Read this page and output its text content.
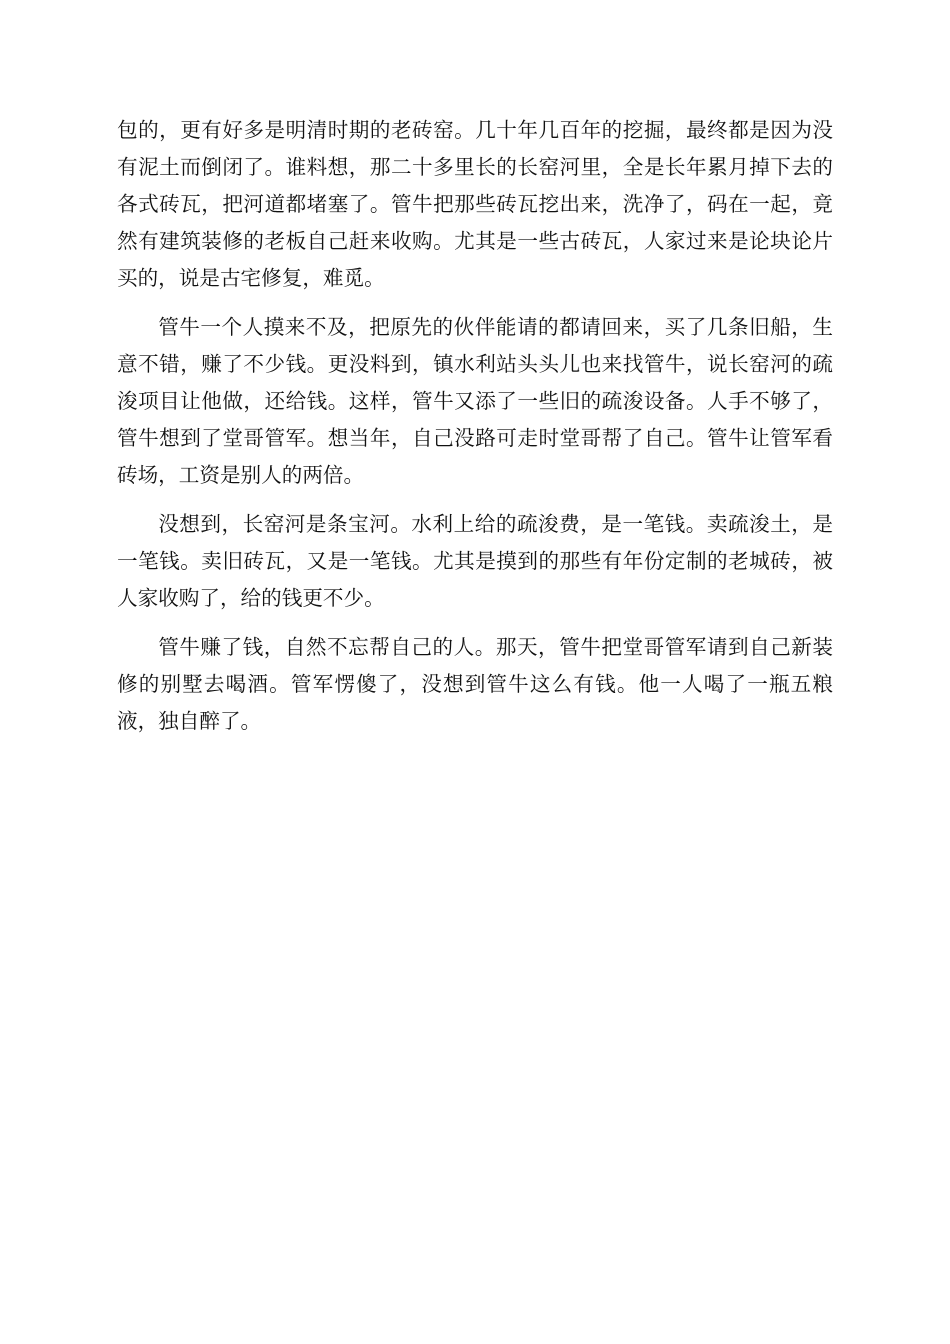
包的，更有好多是明清时期的老砖窑。几十年几百年的挖掘，最终都是因为没有泥土而倒闭了。谁料想，那二十多里长的长窑河里，全是长年累月掉下去的各式砖瓦，把河道都堵塞了。管牛把那些砖瓦挖出来，洗净了，码在一起，竟然有建筑装修的老板自己赶来收购。尤其是一些古砖瓦，人家过来是论块论片买的，说是古宅修复，难觅。

管牛一个人摸来不及，把原先的伙伴能请的都请回来，买了几条旧船，生意不错，赚了不少钱。更没料到，镇水利站头头儿也来找管牛，说长窑河的疏浚项目让他做，还给钱。这样，管牛又添了一些旧的疏浚设备。人手不够了，管牛想到了堂哥管军。想当年，自己没路可走时堂哥帮了自己。管牛让管军看砖场，工资是别人的两倍。

没想到，长窑河是条宝河。水利上给的疏浚费，是一笔钱。卖疏浚土，是一笔钱。卖旧砖瓦，又是一笔钱。尤其是摸到的那些有年份定制的老城砖，被人家收购了，给的钱更不少。

管牛赚了钱，自然不忘帮自己的人。那天，管牛把堂哥管军请到自己新装修的别墅去喝酒。管军愣傻了，没想到管牛这么有钱。他一人喝了一瓶五粮液，独自醉了。
